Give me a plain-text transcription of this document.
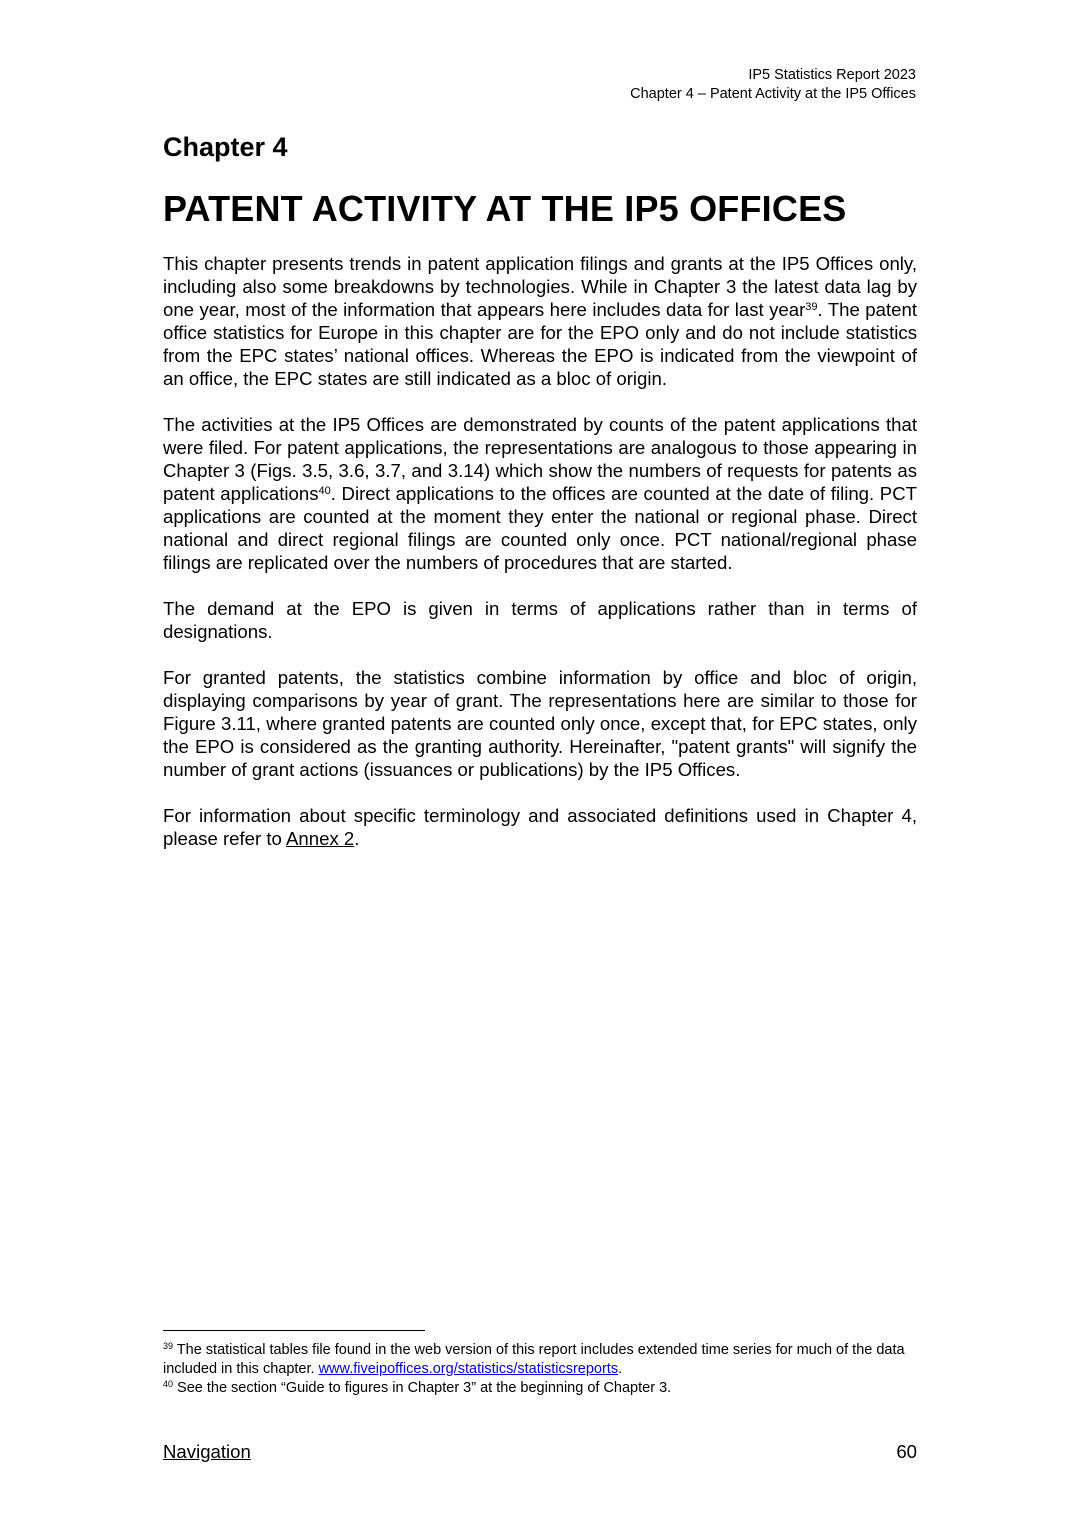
IP5 Statistics Report 2023
Chapter 4 – Patent Activity at the IP5 Offices
Chapter 4
PATENT ACTIVITY AT THE IP5 OFFICES

This chapter presents trends in patent application filings and grants at the IP5 Offices only, including also some breakdowns by technologies. While in Chapter 3 the latest data lag by one year, most of the information that appears here includes data for last year$^{39}$. The patent office statistics for Europe in this chapter are for the EPO only and do not include statistics from the EPC states’ national offices. Whereas the EPO is indicated from the viewpoint of an office, the EPC states are still indicated as a bloc of origin.

The activities at the IP5 Offices are demonstrated by counts of the patent applications that were filed. For patent applications, the representations are analogous to those appearing in Chapter 3 (Figs. 3.5, 3.6, 3.7, and 3.14) which show the numbers of requests for patents as patent applications$^{40}$. Direct applications to the offices are counted at the date of filing. PCT applications are counted at the moment they enter the national or regional phase. Direct national and direct regional filings are counted only once. PCT national/regional phase filings are replicated over the numbers of procedures that are started.

The demand at the EPO is given in terms of applications rather than in terms of designations.

For granted patents, the statistics combine information by office and bloc of origin, displaying comparisons by year of grant. The representations here are similar to those for Figure 3.11, where granted patents are counted only once, except that, for EPC states, only the EPO is considered as the granting authority. Hereinafter, "patent grants" will signify the number of grant actions (issuances or publications) by the IP5 Offices.

For information about specific terminology and associated definitions used in Chapter 4, please refer to Annex 2.

$^{39}$ The statistical tables file found in the web version of this report includes extended time series for much of the data included in this chapter. www.fiveipoffices.org/statistics/statisticsreports.

$^{40}$ See the section “Guide to figures in Chapter 3” at the beginning of Chapter 3.

Navigation	60
